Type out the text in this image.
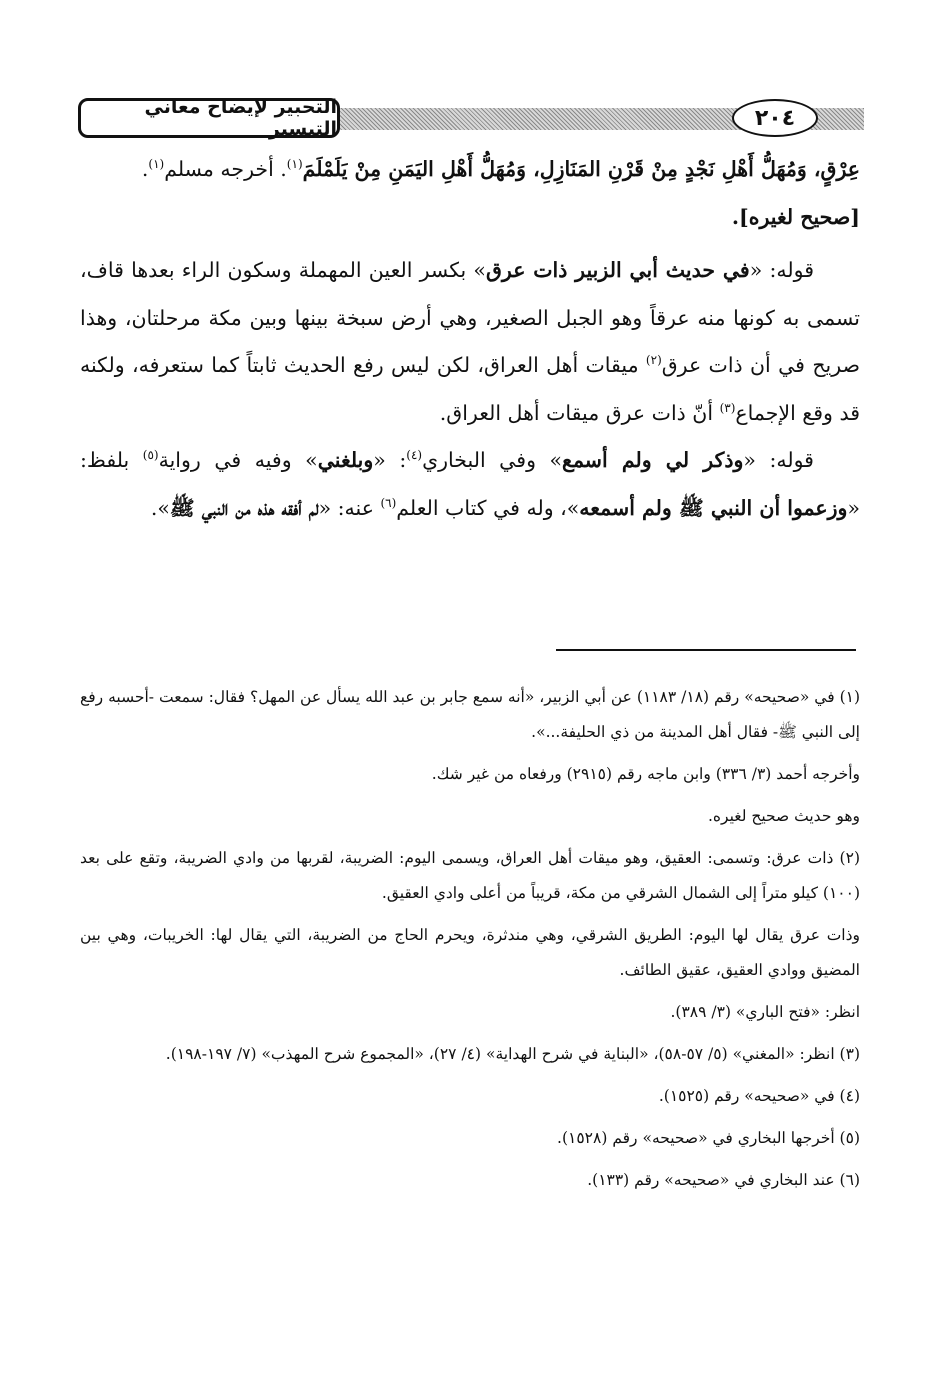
التحبير لإيضاح معاني التيسير	٢٠٤

عِرْقٍ، وَمُهَلُّ أَهْلِ نَجْدٍ مِنْ قَرْنِ المَنَازِلِ، وَمُهَلُّ أَهْلِ اليَمَنِ مِنْ يَلَمْلَمَ$^{(١)}$. أخرجه مسلم$^{(١)}$.

[صحيح لغيره].

قوله: «في حديث أبي الزبير ذات عرق» بكسر العين المهملة وسكون الراء بعدها قاف، تسمى به كونها منه عرقاً وهو الجبل الصغير، وهي أرض سبخة بينها وبين مكة مرحلتان، وهذا صريح في أن ذات عرق$^{(٢)}$ ميقات أهل العراق، لكن ليس رفع الحديث ثابتاً كما ستعرفه، ولكنه قد وقع الإجماع$^{(٣)}$ أنّ ذات عرق ميقات أهل العراق.

قوله: «وذكر لي ولم أسمع» وفي البخاري$^{(٤)}$: «وبلغني» وفيه في رواية$^{(٥)}$ بلفظ: «وزعموا أن النبي ﷺ ولم أسمعه»، وله في كتاب العلم$^{(٦)}$ عنه: «لم أفقه هذه من النبي ﷺ».

(١) في «صحيحه» رقم (١٨/ ١١٨٣) عن أبي الزبير، «أنه سمع جابر بن عبد الله يسأل عن المهل؟ فقال: سمعت -أحسبه رفع إلى النبي ﷺ- فقال أهل المدينة من ذي الحليفة...».

وأخرجه أحمد (٣/ ٣٣٦) وابن ماجه رقم (٢٩١٥) ورفعاه من غير شك.

وهو حديث صحيح لغيره.

(٢) ذات عرق: وتسمى: العقيق، وهو ميقات أهل العراق، ويسمى اليوم: الضريبة، لقربها من وادي الضريبة، وتقع على بعد (١٠٠) كيلو متراً إلى الشمال الشرقي من مكة، قريباً من أعلى وادي العقيق.

وذات عرق يقال لها اليوم: الطريق الشرقي، وهي مندثرة، ويحرم الحاج من الضريبة، التي يقال لها: الخريبات، وهي بين المضيق ووادي العقيق، عقيق الطائف.

انظر: «فتح الباري» (٣/ ٣٨٩).

(٣) انظر: «المغني» (٥/ ٥٧-٥٨)، «البناية في شرح الهداية» (٤/ ٢٧)، «المجموع شرح المهذب» (٧/ ١٩٧-١٩٨).

(٤) في «صحيحه» رقم (١٥٢٥).

(٥) أخرجها البخاري في «صحيحه» رقم (١٥٢٨).

(٦) عند البخاري في «صحيحه» رقم (١٣٣).
